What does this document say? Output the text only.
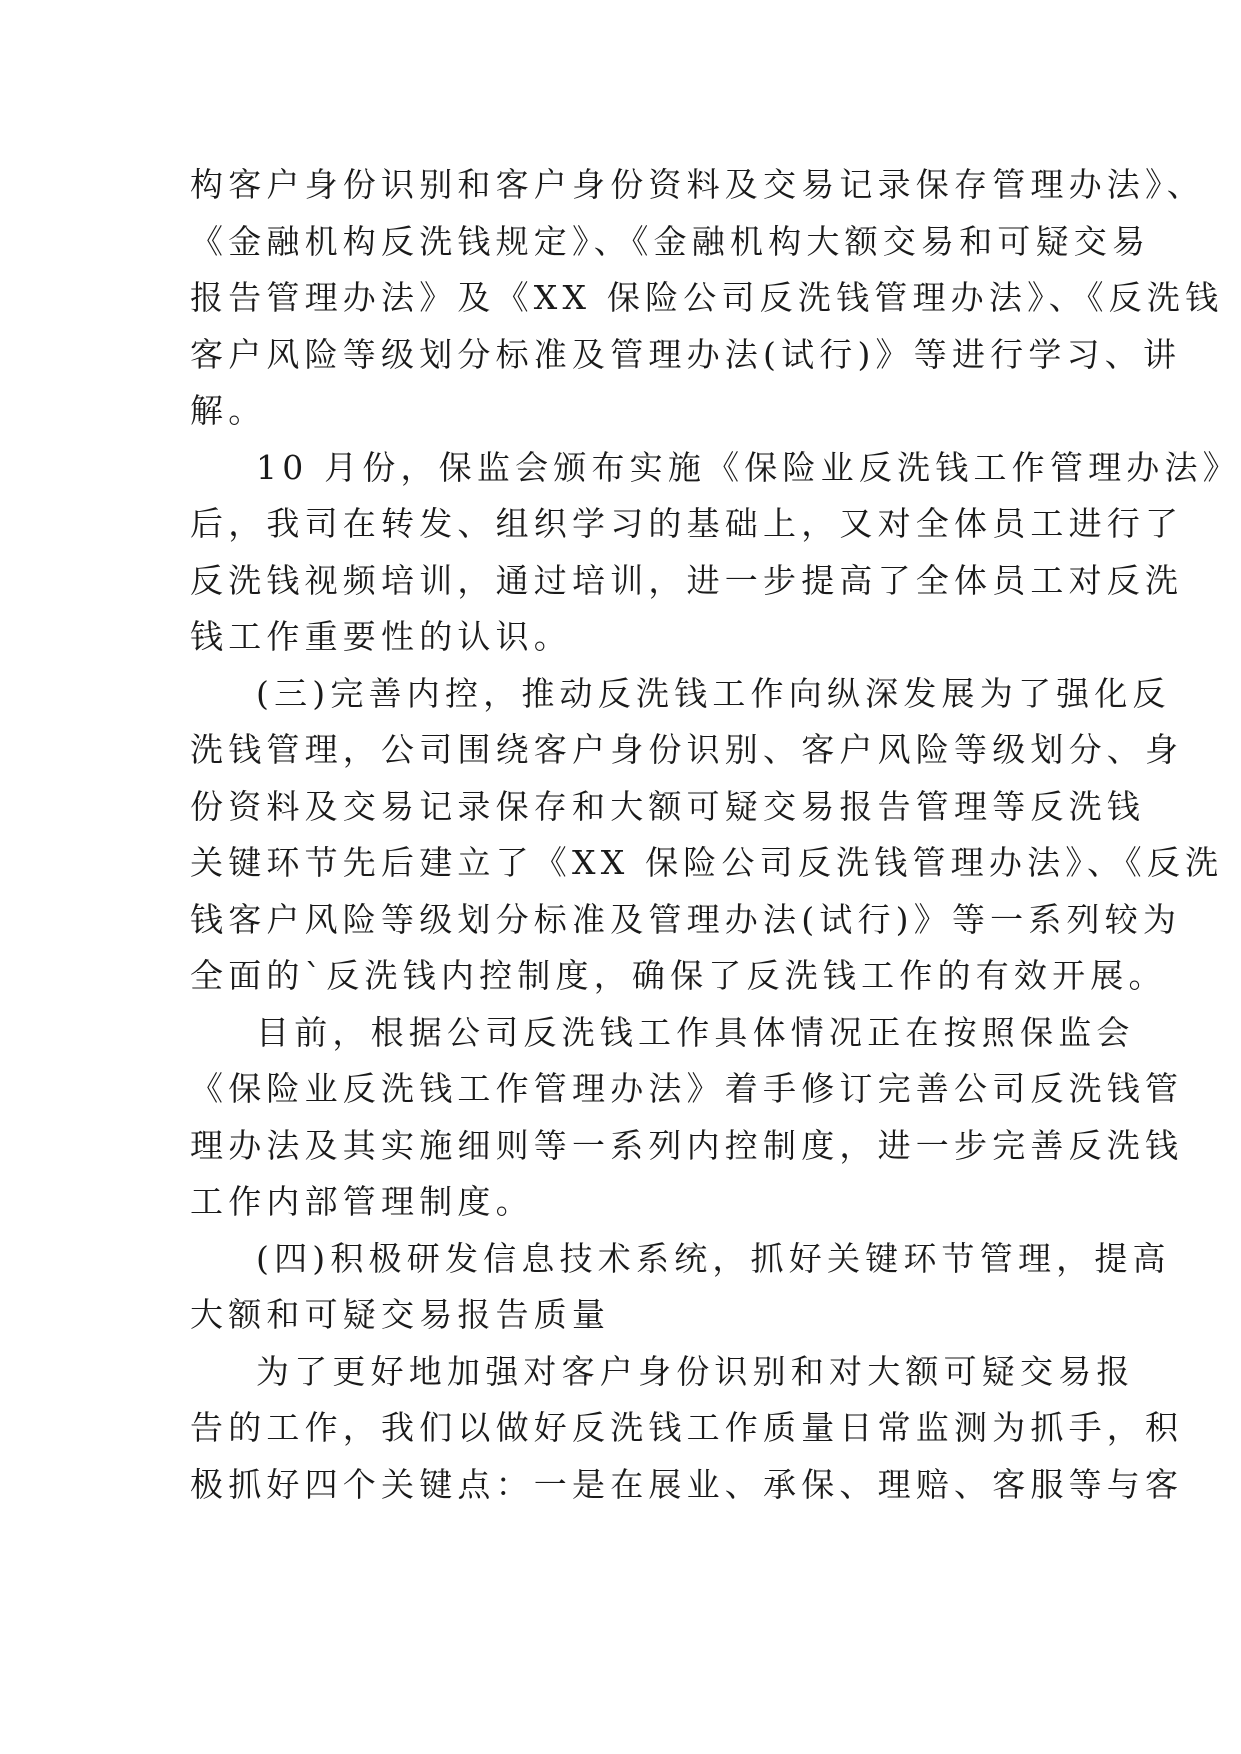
构客户身份识别和客户身份资料及交易记录保存管理办法》、
《金融机构反洗钱规定》、《金融机构大额交易和可疑交易
报告管理办法》及《XX 保险公司反洗钱管理办法》、《反洗钱
客户风险等级划分标准及管理办法(试行)》等进行学习、讲
解。
10 月份，保监会颁布实施《保险业反洗钱工作管理办法》
后，我司在转发、组织学习的基础上，又对全体员工进行了
反洗钱视频培训，通过培训，进一步提高了全体员工对反洗
钱工作重要性的认识。
(三)完善内控，推动反洗钱工作向纵深发展为了强化反
洗钱管理，公司围绕客户身份识别、客户风险等级划分、身
份资料及交易记录保存和大额可疑交易报告管理等反洗钱
关键环节先后建立了《XX 保险公司反洗钱管理办法》、《反洗
钱客户风险等级划分标准及管理办法(试行)》等一系列较为
全面的`反洗钱内控制度，确保了反洗钱工作的有效开展。
目前，根据公司反洗钱工作具体情况正在按照保监会
《保险业反洗钱工作管理办法》着手修订完善公司反洗钱管
理办法及其实施细则等一系列内控制度，进一步完善反洗钱
工作内部管理制度。
(四)积极研发信息技术系统，抓好关键环节管理，提高
大额和可疑交易报告质量
为了更好地加强对客户身份识别和对大额可疑交易报
告的工作，我们以做好反洗钱工作质量日常监测为抓手，积
极抓好四个关键点：一是在展业、承保、理赔、客服等与客
